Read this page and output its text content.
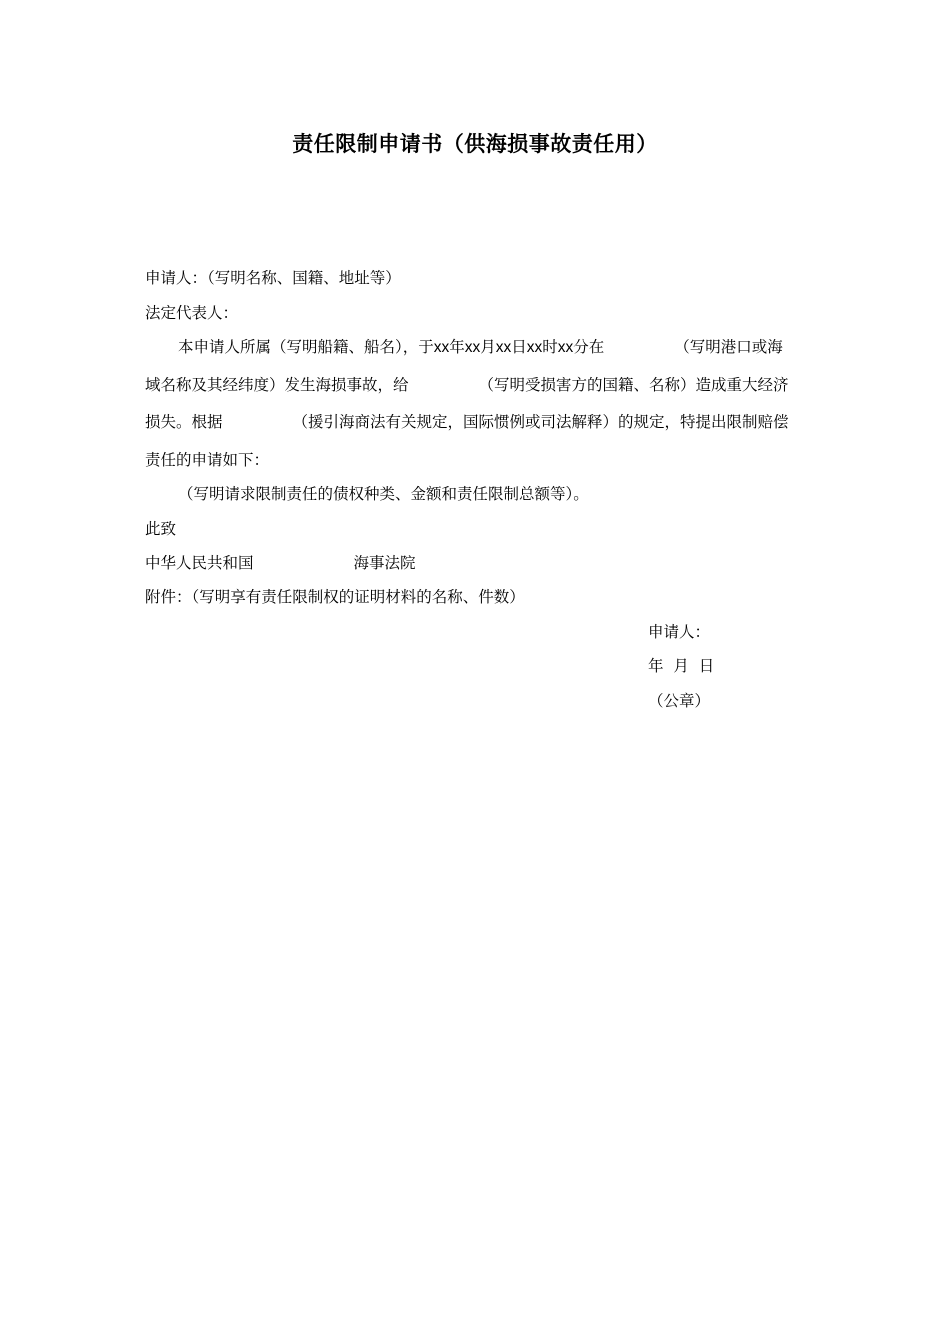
责任限制申请书（供海损事故责任用）
申请人：（写明名称、国籍、地址等）
法定代表人：
本申请人所属（写明船籍、船名），于xx年xx月xx日xx时xx分在	（写明港口或海
域名称及其经纬度）发生海损事故，给	（写明受损害方的国籍、名称）造成重大经济
损失。根据	（援引海商法有关规定，国际惯例或司法解释）的规定，特提出限制赔偿
责任的申请如下：
（写明请求限制责任的债权种类、金额和责任限制总额等）。
此致
中华人民共和国	海事法院
附件：（写明享有责任限制权的证明材料的名称、件数）
申请人：
年  月  日
（公章）
